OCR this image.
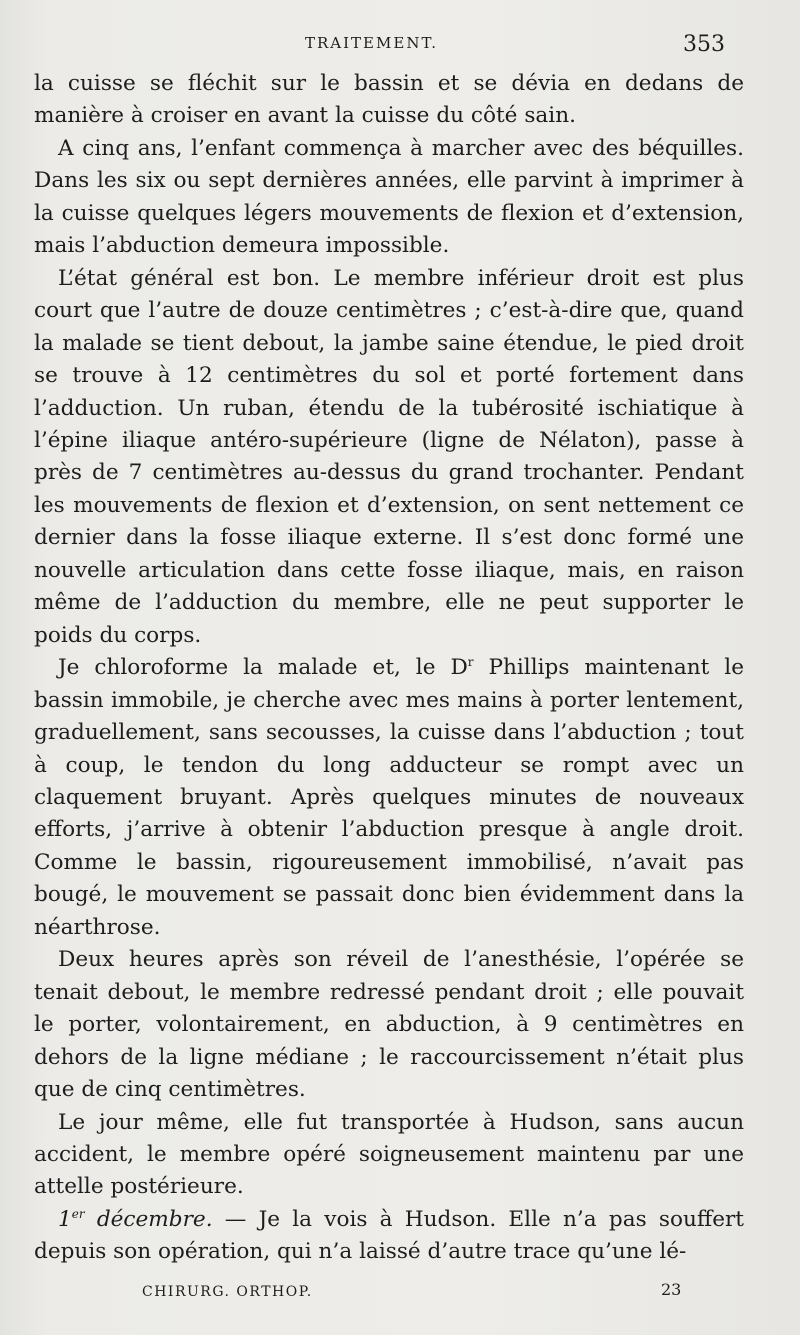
TRAITEMENT.	353

la cuisse se fléchit sur le bassin et se dévia en dedans de manière à croiser en avant la cuisse du côté sain.

A cinq ans, l’enfant commença à marcher avec des béquilles. Dans les six ou sept dernières années, elle parvint à imprimer à la cuisse quelques légers mouvements de flexion et d’extension, mais l’abduction demeura impossible.

L’état général est bon. Le membre inférieur droit est plus court que l’autre de douze centimètres ; c’est-à-dire que, quand la malade se tient debout, la jambe saine étendue, le pied droit se trouve à 12 centimètres du sol et porté fortement dans l’adduction. Un ruban, étendu de la tubérosité ischiatique à l’épine iliaque antéro-supérieure (ligne de Nélaton), passe à près de 7 centimètres au-dessus du grand trochanter. Pendant les mouvements de flexion et d’extension, on sent nettement ce dernier dans la fosse iliaque externe. Il s’est donc formé une nouvelle articulation dans cette fosse iliaque, mais, en raison même de l’adduction du membre, elle ne peut supporter le poids du corps.

Je chloroforme la malade et, le $D^r$ Phillips maintenant le bassin immobile, je cherche avec mes mains à porter lentement, graduellement, sans secousses, la cuisse dans l’abduction ; tout à coup, le tendon du long adducteur se rompt avec un claquement bruyant. Après quelques minutes de nouveaux efforts, j’arrive à obtenir l’abduction presque à angle droit. Comme le bassin, rigoureusement immobilisé, n’avait pas bougé, le mouvement se passait donc bien évidemment dans la néarthrose.

Deux heures après son réveil de l’anesthésie, l’opérée se tenait debout, le membre redressé pendant droit ; elle pouvait le porter, volontairement, en abduction, à 9 centimètres en dehors de la ligne médiane ; le raccourcissement n’était plus que de cinq centimètres.

Le jour même, elle fut transportée à Hudson, sans aucun accident, le membre opéré soigneusement maintenu par une attelle postérieure.

1er décembre. — Je la vois à Hudson. Elle n’a pas souffert depuis son opération, qui n’a laissé d’autre trace qu’une lé-

CHIRURG. ORTHOP.	23
